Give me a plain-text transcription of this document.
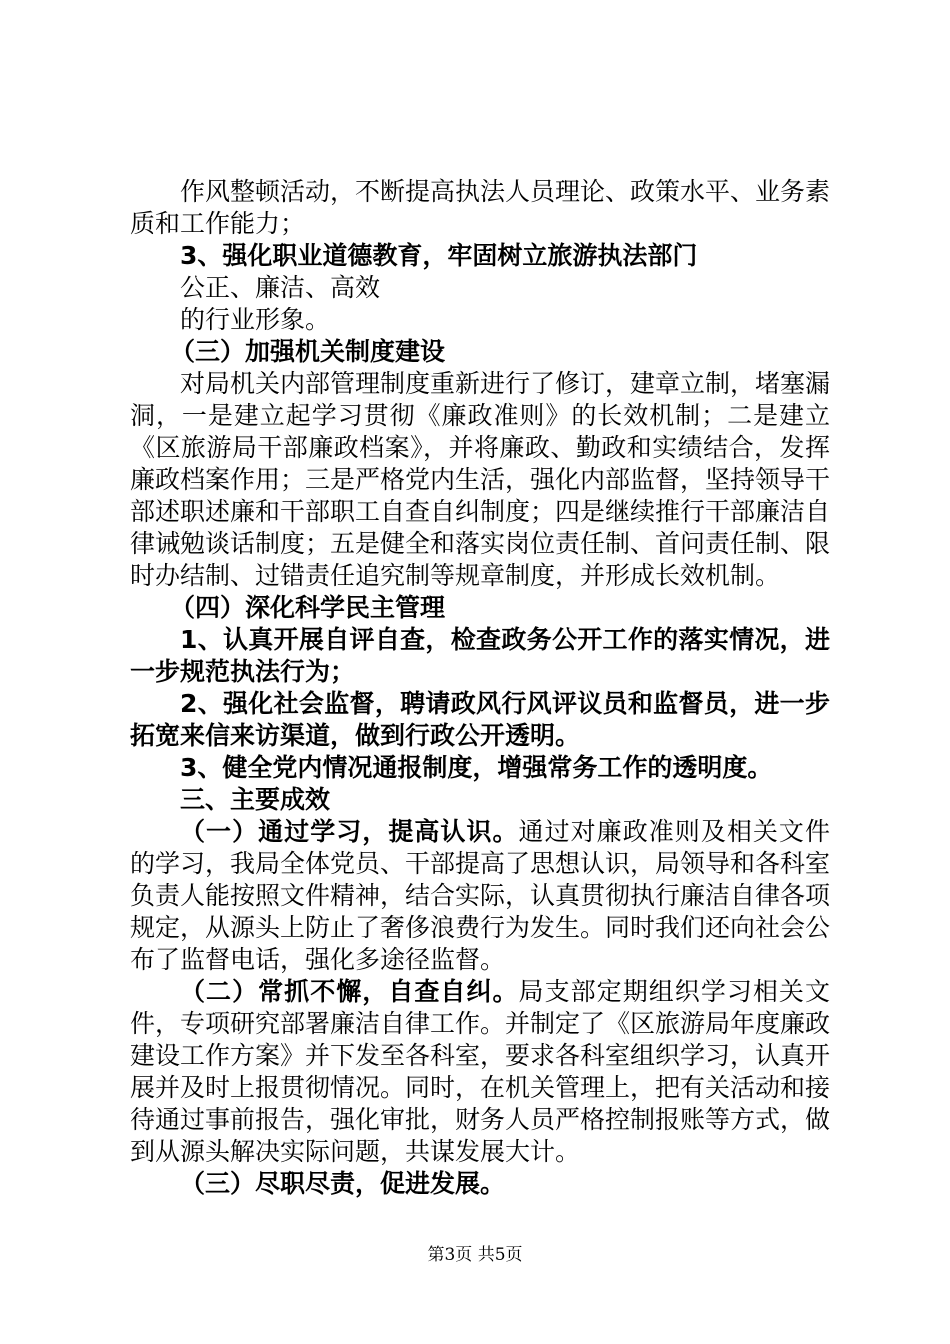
作风整顿活动，不断提高执法人员理论、政策水平、业务素质和工作能力；

3、强化职业道德教育，牢固树立旅游执法部门

公正、廉洁、高效

的行业形象。

（三）加强机关制度建设

对局机关内部管理制度重新进行了修订，建章立制，堵塞漏洞，一是建立起学习贯彻《廉政准则》的长效机制；二是建立《区旅游局干部廉政档案》，并将廉政、勤政和实绩结合，发挥廉政档案作用；三是严格党内生活，强化内部监督，坚持领导干部述职述廉和干部职工自查自纠制度；四是继续推行干部廉洁自律诫勉谈话制度；五是健全和落实岗位责任制、首问责任制、限时办结制、过错责任追究制等规章制度，并形成长效机制。

（四）深化科学民主管理

1、认真开展自评自查，检查政务公开工作的落实情况，进一步规范执法行为；

2、强化社会监督，聘请政风行风评议员和监督员，进一步拓宽来信来访渠道，做到行政公开透明。

3、健全党内情况通报制度，增强常务工作的透明度。

三、主要成效

（一）通过学习，提高认识。通过对廉政准则及相关文件的学习，我局全体党员、干部提高了思想认识，局领导和各科室负责人能按照文件精神，结合实际，认真贯彻执行廉洁自律各项规定，从源头上防止了奢侈浪费行为发生。同时我们还向社会公布了监督电话，强化多途径监督。

（二）常抓不懈，自查自纠。局支部定期组织学习相关文件，专项研究部署廉洁自律工作。并制定了《区旅游局年度廉政建设工作方案》并下发至各科室，要求各科室组织学习，认真开展并及时上报贯彻情况。同时，在机关管理上，把有关活动和接待通过事前报告，强化审批，财务人员严格控制报账等方式，做到从源头解决实际问题，共谋发展大计。

（三）尽职尽责，促进发展。

第3页 共5页
